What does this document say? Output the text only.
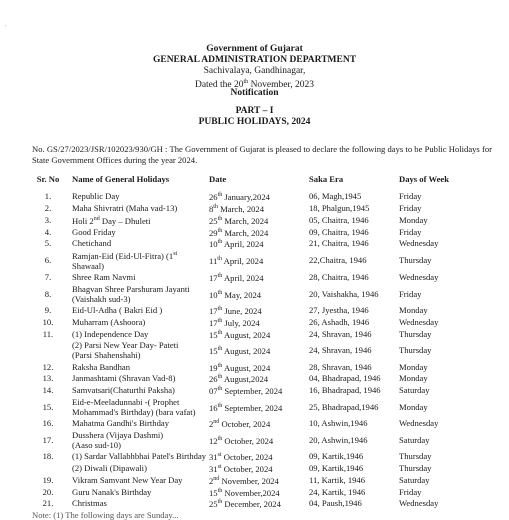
'
Government of Gujarat
GENERAL ADMINISTRATION DEPARTMENT
Sachivalaya, Gandhinagar,
Dated the 20th November, 2023
Notification
PART – I
PUBLIC HOLIDAYS, 2024
No. GS/27/2023/JSR/102023/930/GH : The Government of Gujarat is pleased to declare the following days to be Public Holidays for State Government Offices during the year 2024.
Sr. No	Name of General Holidays	Date	Saka Era	Days of Week
1.	Republic Day	26th January,2024	06, Magh,1945	Friday
2.	Maha Shivratri (Maha vad-13)	8th March, 2024	18, Phalgun,1945	Friday
3.	Holi 2nd Day – Dhuleti	25th March, 2024	05, Chaitra, 1946	Monday
4.	Good Friday	29th March, 2024	09, Chaitra, 1946	Friday
5.	Chetichand	10th April, 2024	21, Chaitra, 1946	Wednesday
6.	Ramjan-Eid (Eid-Ul-Fitra) (1st
Shawaal)	11th April, 2024	22,Chaitra, 1946	Thursday
7.	Shree Ram Navmi	17th April, 2024	28, Chaitra, 1946	Wednesday
8.	Bhagvan Shree Parshuram Jayanti
(Vaishakh sud-3)	10th May, 2024	20, Vaishakha, 1946	Friday
9.	Eid-Ul-Adha ( Bakri Eid )	17th June, 2024	27, Jyestha, 1946	Monday
10.	Muharram (Ashoora)	17th July, 2024	26, Ashadh, 1946	Wednesday
11.	(1) Independence Day	15th August, 2024	24, Shravan, 1946	Thursday
	(2) Parsi New Year Day- Pateti
(Parsi Shahenshahi)	15th August, 2024	24, Shravan, 1946	Thursday
12.	Raksha Bandhan	19th August, 2024	28, Shravan, 1946	Monday
13.	Janmashtami (Shravan Vad-8)	26th August,2024	04, Bhadrapad, 1946	Monday
14.	Samvatsari(Chaturthi Paksha)	07th September, 2024	16, Bhadrapad, 1946	Saturday
15.	Eid-e-Meeladunnabi -( Prophet
Mohammad's Birthday) (bara vafat)	16th September, 2024	25, Bhadrapad,1946	Monday
16.	Mahatma Gandhi's Birthday	2nd October, 2024	10, Ashwin,1946	Wednesday
17.	Dusshera (Vijaya Dashmi)
(Aaso sud-10)	12th October, 2024	20, Ashwin,1946	Saturday
18.	(1) Sardar Vallabhbhai Patel's Birthday	31st October, 2024	09, Kartik,1946	Thursday
	(2) Diwali (Dipawali)	31st October, 2024	09, Kartik,1946	Thursday
19.	Vikram Samvant New Year Day	2nd November, 2024	11, Kartik, 1946	Saturday
20.	Guru Nanak's Birthday	15th November,2024	24, Kartik, 1946	Friday
21.	Christmas	25th December, 2024	04, Paush,1946	Wednesday
Note: (1) The following days are Sunday...
